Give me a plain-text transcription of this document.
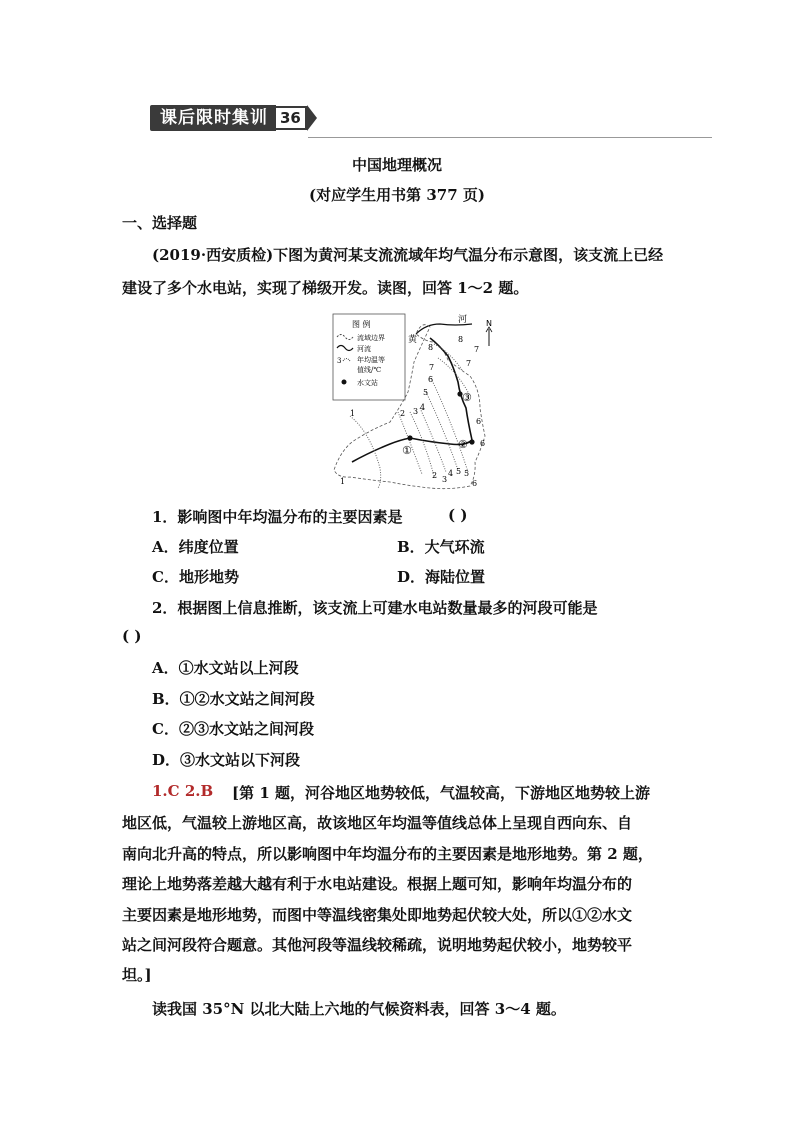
课后限时集训 36
中国地理概况
(对应学生用书第 377 页)
一、选择题
(2019·西安质检)下图为黄河某支流流域年均气温分布示意图，该支流上已经
建设了多个水电站，实现了梯级开发。读图，回答 1～2 题。
图 例
流域边界
河流
3 年均温等
值线/℃
水文站
N
河
黄
1
1
2 3 4
5
6
7
8
8
7
6
5
4
3
2
6
6
7
5
①	②
③
1．影响图中年均温分布的主要因素是	( )
A．纬度位置	B．大气环流
C．地形地势	D．海陆位置
2．根据图上信息推断，该支流上可建水电站数量最多的河段可能是
( )
A．①水文站以上河段
B．①②水文站之间河段
C．②③水文站之间河段
D．③水文站以下河段
1.C 2.B [第 1 题，河谷地区地势较低，气温较高，下游地区地势较上游
地区低，气温较上游地区高，故该地区年均温等值线总体上呈现自西向东、自
南向北升高的特点，所以影响图中年均温分布的主要因素是地形地势。第 2 题，
理论上地势落差越大越有利于水电站建设。根据上题可知，影响年均温分布的
主要因素是地形地势，而图中等温线密集处即地势起伏较大处，所以①②水文
站之间河段符合题意。其他河段等温线较稀疏，说明地势起伏较小，地势较平
坦。]
读我国 35°N 以北大陆上六地的气候资料表，回答 3～4 题。
